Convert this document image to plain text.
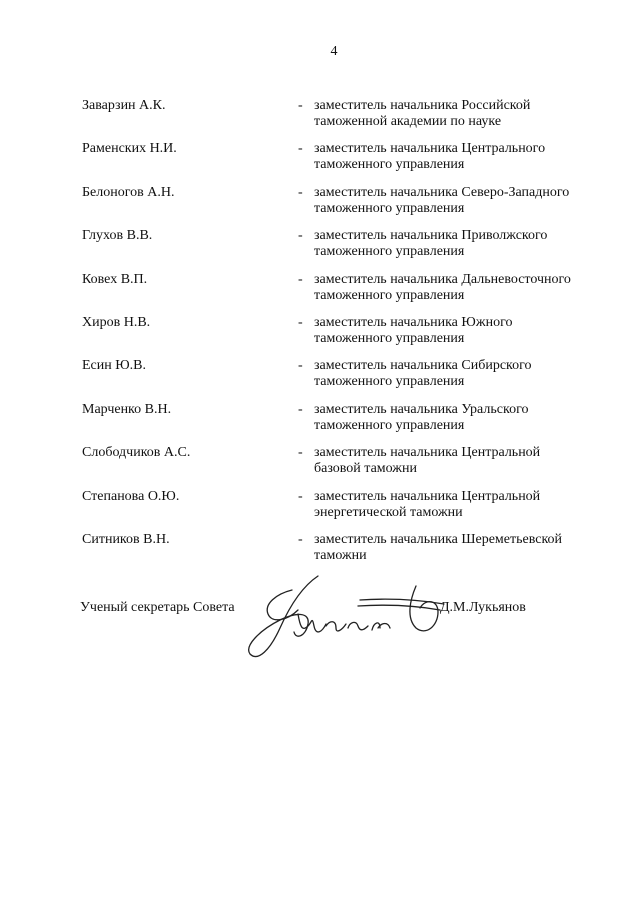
4
Заварзин А.К.	- заместитель начальника Российской
таможенной академии по науке
Раменских Н.И.	- заместитель начальника Центрального
таможенного управления
Белоногов А.Н.	- заместитель начальника Северо-Западного
таможенного управления
Глухов В.В.	- заместитель начальника Приволжского
таможенного управления
Ковех В.П.	- заместитель начальника Дальневосточного
таможенного управления
Хиров Н.В.	- заместитель начальника Южного
таможенного управления
Есин Ю.В.	- заместитель начальника Сибирского
таможенного управления
Марченко В.Н.	- заместитель начальника Уральского
таможенного управления
Слободчиков А.С.	- заместитель начальника Центральной
базовой таможни
Степанова О.Ю.	- заместитель начальника Центральной
энергетической таможни
Ситников В.Н.	- заместитель начальника Шереметьевской
таможни
Ученый секретарь Совета	Д.М.Лукьянов
